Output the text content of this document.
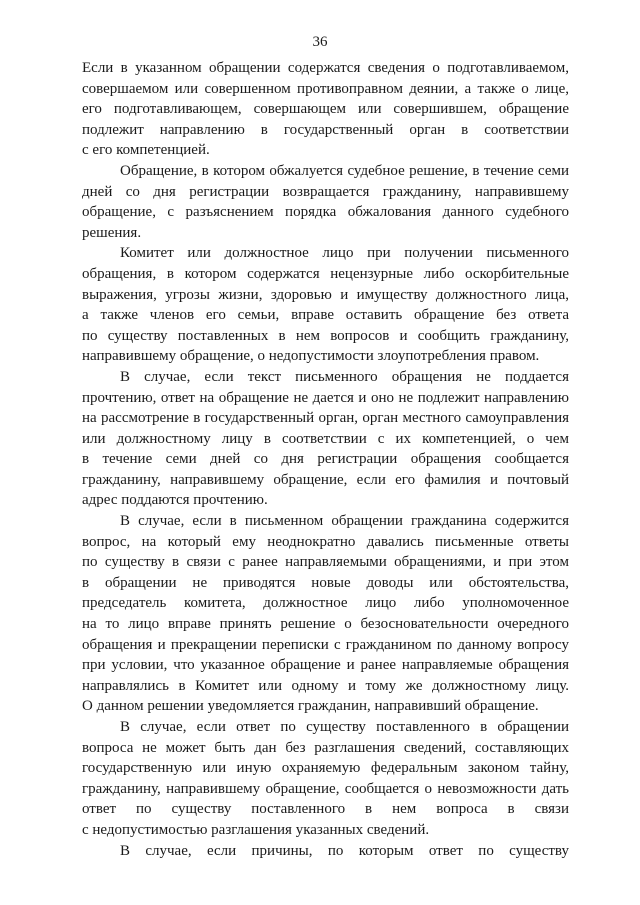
36
Если в указанном обращении содержатся сведения о подготавливаемом,
совершаемом или совершенном противоправном деянии, а также о лице,
его подготавливающем, совершающем или совершившем, обращение
подлежит направлению в государственный орган в соответствии
с его компетенцией.
Обращение, в котором обжалуется судебное решение, в течение семи
дней со дня регистрации возвращается гражданину, направившему
обращение, с разъяснением порядка обжалования данного судебного
решения.
Комитет или должностное лицо при получении письменного
обращения, в котором содержатся нецензурные либо оскорбительные
выражения, угрозы жизни, здоровью и имуществу должностного лица,
а также членов его семьи, вправе оставить обращение без ответа
по существу поставленных в нем вопросов и сообщить гражданину,
направившему обращение, о недопустимости злоупотребления правом.
В случае, если текст письменного обращения не поддается
прочтению, ответ на обращение не дается и оно не подлежит направлению
на рассмотрение в государственный орган, орган местного самоуправления
или должностному лицу в соответствии с их компетенцией, о чем
в течение семи дней со дня регистрации обращения сообщается
гражданину, направившему обращение, если его фамилия и почтовый
адрес поддаются прочтению.
В случае, если в письменном обращении гражданина содержится
вопрос, на который ему неоднократно давались письменные ответы
по существу в связи с ранее направляемыми обращениями, и при этом
в обращении не приводятся новые доводы или обстоятельства,
председатель комитета, должностное лицо либо уполномоченное
на то лицо вправе принять решение о безосновательности очередного
обращения и прекращении переписки с гражданином по данному вопросу
при условии, что указанное обращение и ранее направляемые обращения
направлялись в Комитет или одному и тому же должностному лицу.
О данном решении уведомляется гражданин, направивший обращение.
В случае, если ответ по существу поставленного в обращении
вопроса не может быть дан без разглашения сведений, составляющих
государственную или иную охраняемую федеральным законом тайну,
гражданину, направившему обращение, сообщается о невозможности дать
ответ по существу поставленного в нем вопроса в связи
с недопустимостью разглашения указанных сведений.
В случае, если причины, по которым ответ по существу
